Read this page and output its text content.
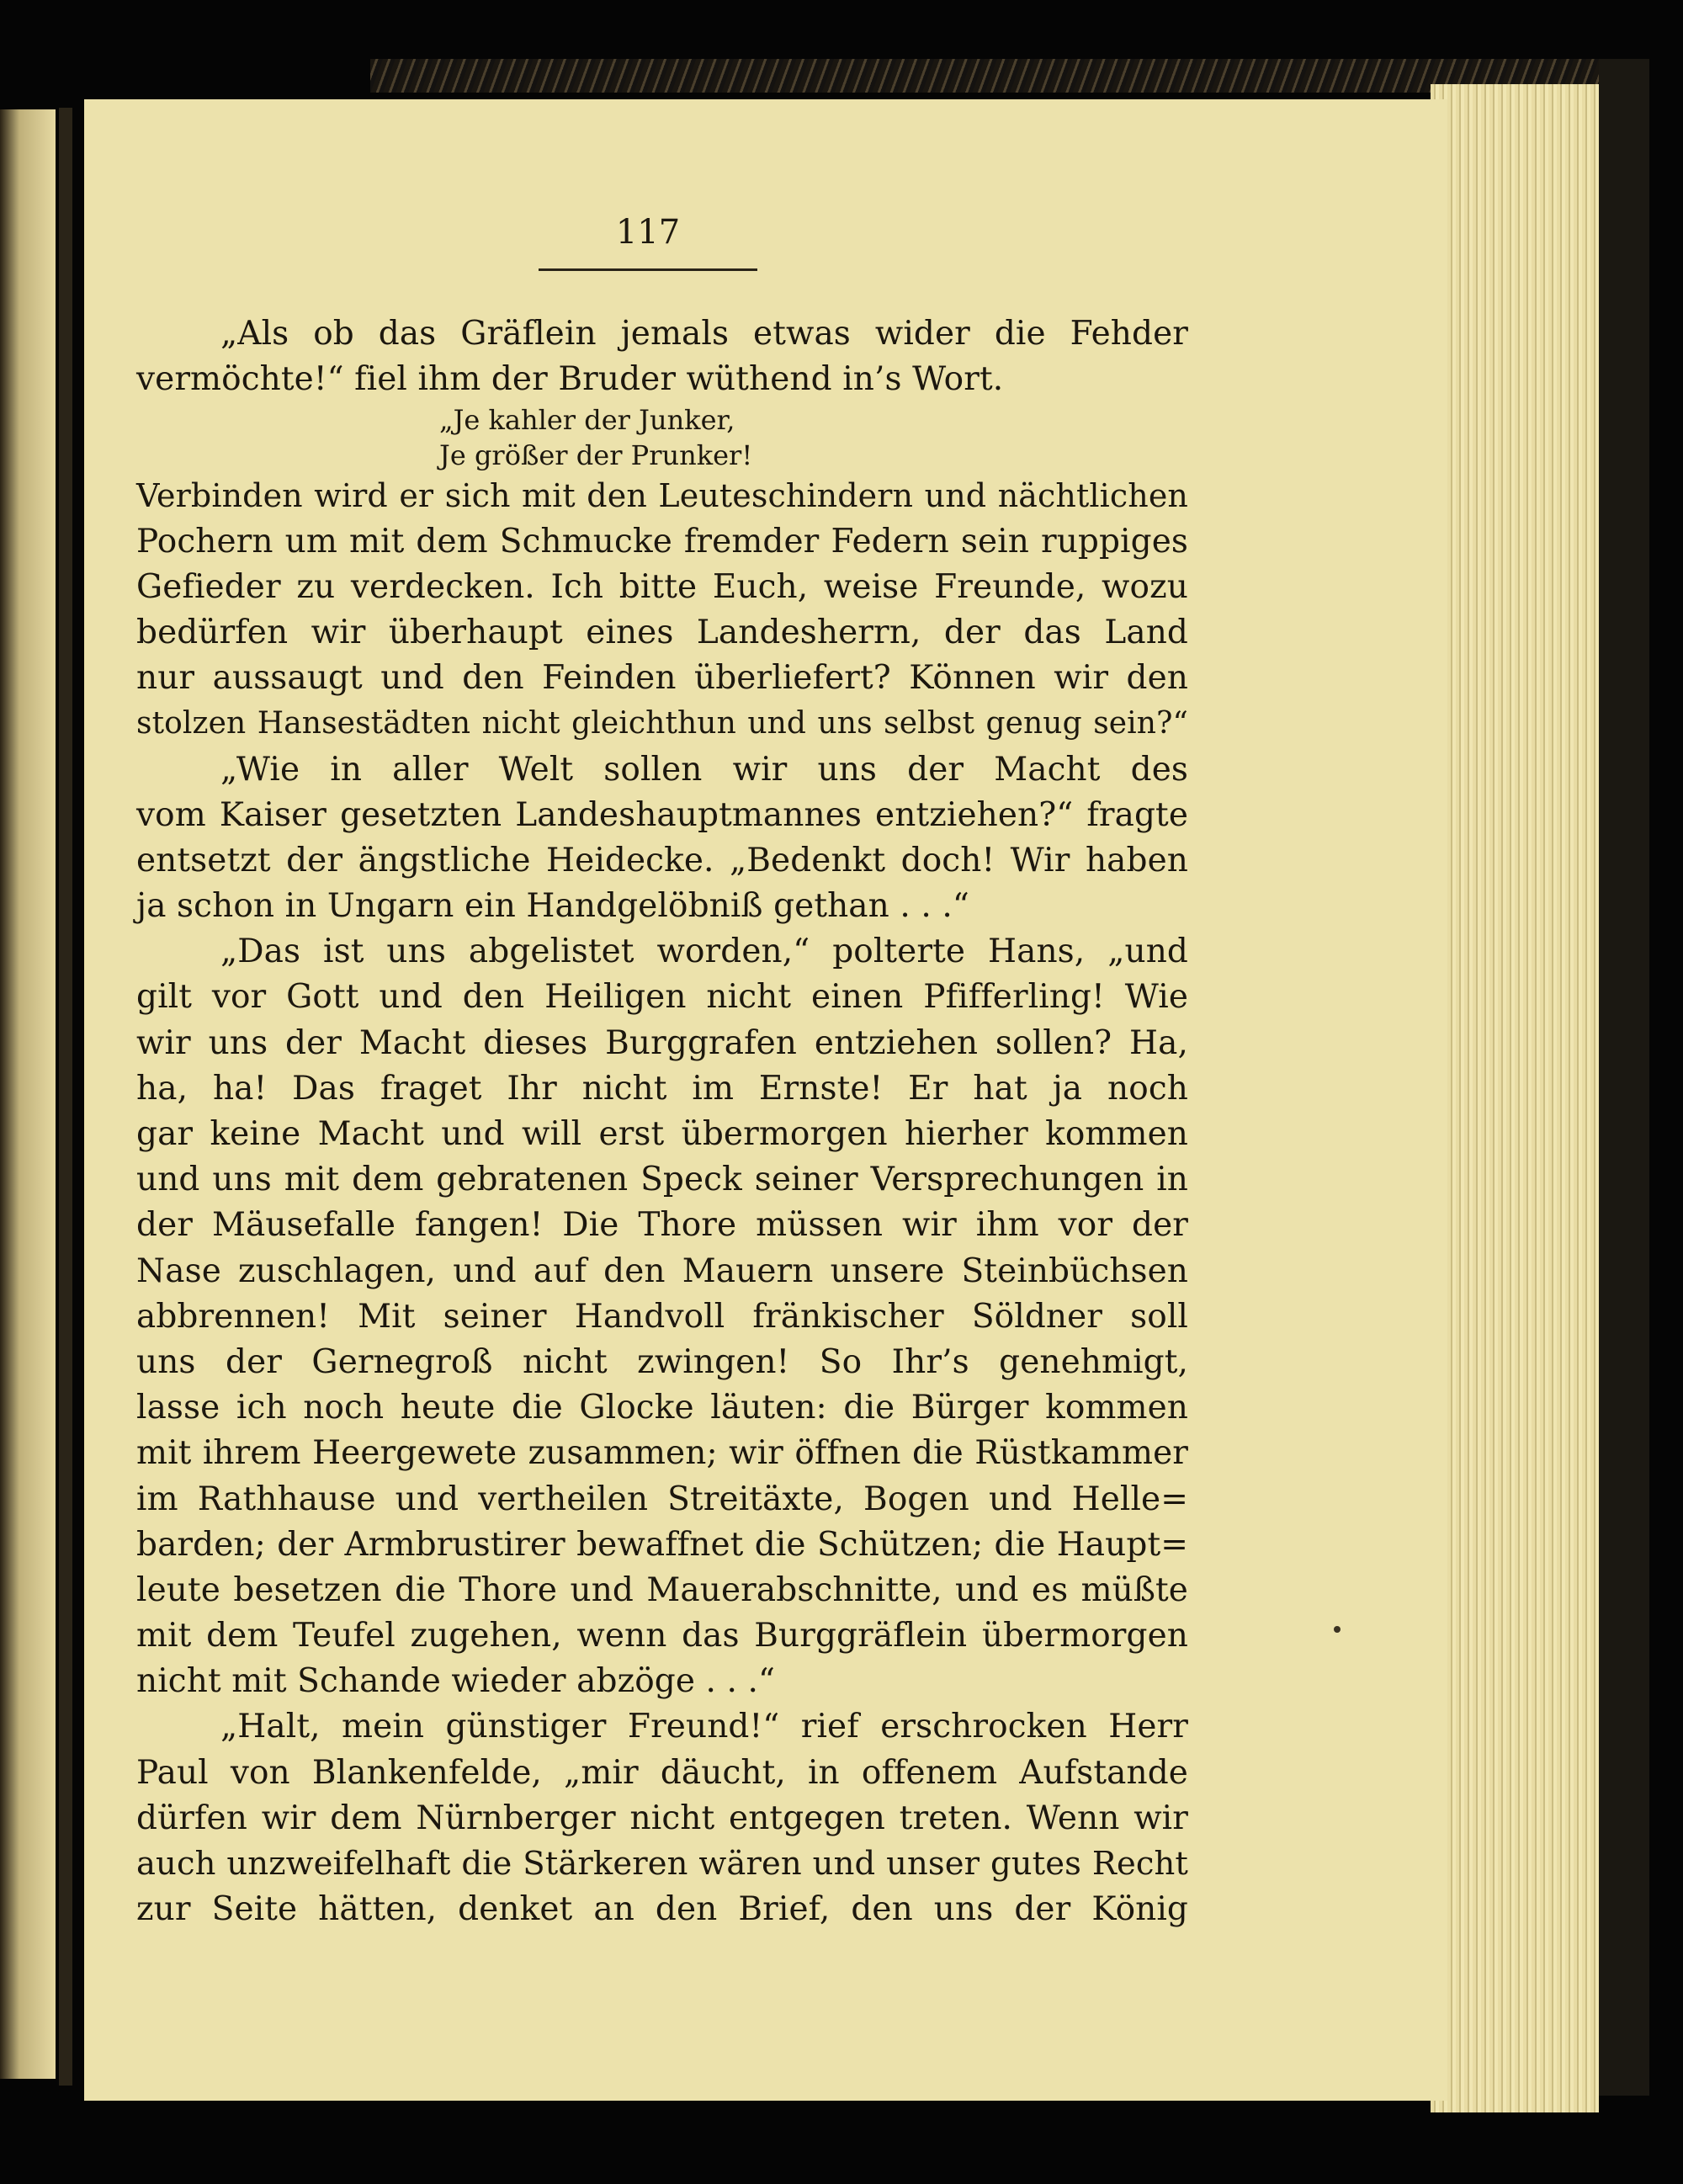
117
„Als ob das Gräflein jemals etwas wider die Fehder
vermöchte!“ fiel ihm der Bruder wüthend in’s Wort.
„Je kahler der Junker,
Je größer der Prunker!
Verbinden wird er sich mit den Leuteschindern und nächtlichen
Pochern um mit dem Schmucke fremder Federn sein ruppiges
Gefieder zu verdecken. Ich bitte Euch, weise Freunde, wozu
bedürfen wir überhaupt eines Landesherrn, der das Land
nur aussaugt und den Feinden überliefert? Können wir den
stolzen Hansestädten nicht gleichthun und uns selbst genug sein?“
„Wie in aller Welt sollen wir uns der Macht des
vom Kaiser gesetzten Landeshauptmannes entziehen?“ fragte
entsetzt der ängstliche Heidecke. „Bedenkt doch! Wir haben
ja schon in Ungarn ein Handgelöbniß gethan . . .“
„Das ist uns abgelistet worden,“ polterte Hans, „und
gilt vor Gott und den Heiligen nicht einen Pfifferling! Wie
wir uns der Macht dieses Burggrafen entziehen sollen? Ha,
ha, ha! Das fraget Ihr nicht im Ernste! Er hat ja noch
gar keine Macht und will erst übermorgen hierher kommen
und uns mit dem gebratenen Speck seiner Versprechungen in
der Mäusefalle fangen! Die Thore müssen wir ihm vor der
Nase zuschlagen, und auf den Mauern unsere Steinbüchsen
abbrennen! Mit seiner Handvoll fränkischer Söldner soll
uns der Gernegroß nicht zwingen! So Ihr’s genehmigt,
lasse ich noch heute die Glocke läuten: die Bürger kommen
mit ihrem Heergewete zusammen; wir öffnen die Rüstkammer
im Rathhause und vertheilen Streitäxte, Bogen und Helle=
barden; der Armbrustirer bewaffnet die Schützen; die Haupt=
leute besetzen die Thore und Mauerabschnitte, und es müßte
mit dem Teufel zugehen, wenn das Burggräflein übermorgen
nicht mit Schande wieder abzöge . . .“
„Halt, mein günstiger Freund!“ rief erschrocken Herr
Paul von Blankenfelde, „mir däucht, in offenem Aufstande
dürfen wir dem Nürnberger nicht entgegen treten. Wenn wir
auch unzweifelhaft die Stärkeren wären und unser gutes Recht
zur Seite hätten, denket an den Brief, den uns der König
